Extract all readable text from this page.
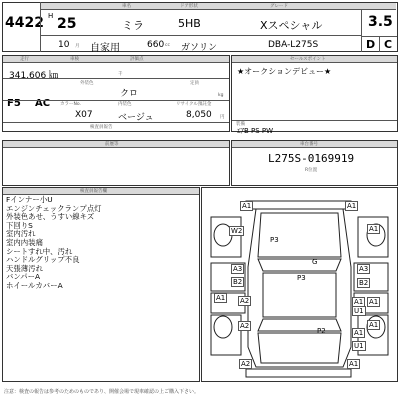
4422
車名	ドア形状	グレード
H 25	ミラ	5HB	Xスペシャル	3.5
10 月 自家用	660 cc ガソリン	DBA-L275S	D C
走行	車検	評価点
341,606 ㎞	千
外装色	定員
クロ	kg
F5 AC カラーNo.	内装色	リサイクル預託金
X07	ベージュ	8,050 円
検査員報告
セールスポイント
★オークションデビュー★
装備
ｴｱB PS PW
前歴等	車台番号
L275S-0169919
R位置
検査員報告欄
Fインナー小U
エンジンチェックランプ点灯
外装色あせ、うすい線キズ
下回りS
室内汚れ
室内内装痛
シートすれ中、汚れ
ハンドルグリップ不良
天張薄汚れ
バンパーA
ホイールカバーA
A1	A1
W2	A1
P3
G
A3
B2
A1
A3
B2
P3
A2
A2
A1 A1
U1
P2
A1
A1
U1
A2	A1
注意：検査の報告は参考のためのものであり、開催会場で現車確認の上ご購入下さい。
